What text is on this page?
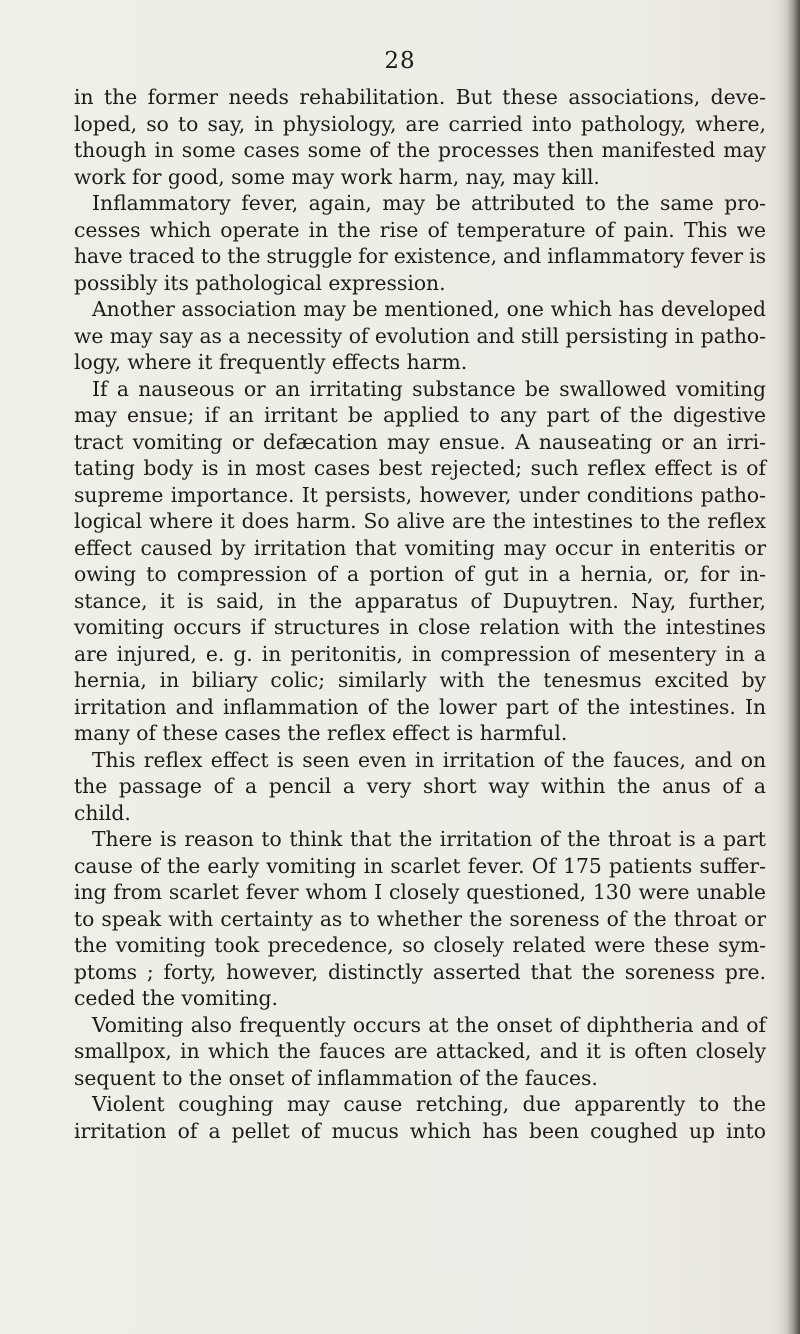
28
in the former needs rehabilitation. But these associations, deve-
loped, so to say, in physiology, are carried into pathology, where,
though in some cases some of the processes then manifested may
work for good, some may work harm, nay, may kill.
Inflammatory fever, again, may be attributed to the same pro-
cesses which operate in the rise of temperature of pain. This we
have traced to the struggle for existence, and inflammatory fever is
possibly its pathological expression.
Another association may be mentioned, one which has developed
we may say as a necessity of evolution and still persisting in patho-
logy, where it frequently effects harm.
If a nauseous or an irritating substance be swallowed vomiting
may ensue; if an irritant be applied to any part of the digestive
tract vomiting or defæcation may ensue. A nauseating or an irri-
tating body is in most cases best rejected; such reflex effect is of
supreme importance. It persists, however, under conditions patho-
logical where it does harm. So alive are the intestines to the reflex
effect caused by irritation that vomiting may occur in enteritis or
owing to compression of a portion of gut in a hernia, or, for in-
stance, it is said, in the apparatus of Dupuytren. Nay, further,
vomiting occurs if structures in close relation with the intestines
are injured, e. g. in peritonitis, in compression of mesentery in a
hernia, in biliary colic; similarly with the tenesmus excited by
irritation and inflammation of the lower part of the intestines. In
many of these cases the reflex effect is harmful.
This reflex effect is seen even in irritation of the fauces, and on
the passage of a pencil a very short way within the anus of a
child.
There is reason to think that the irritation of the throat is a part
cause of the early vomiting in scarlet fever. Of 175 patients suffer-
ing from scarlet fever whom I closely questioned, 130 were unable
to speak with certainty as to whether the soreness of the throat or
the vomiting took precedence, so closely related were these sym-
ptoms ; forty, however, distinctly asserted that the soreness pre.
ceded the vomiting.
Vomiting also frequently occurs at the onset of diphtheria and of
smallpox, in which the fauces are attacked, and it is often closely
sequent to the onset of inflammation of the fauces.
Violent coughing may cause retching, due apparently to the
irritation of a pellet of mucus which has been coughed up into
